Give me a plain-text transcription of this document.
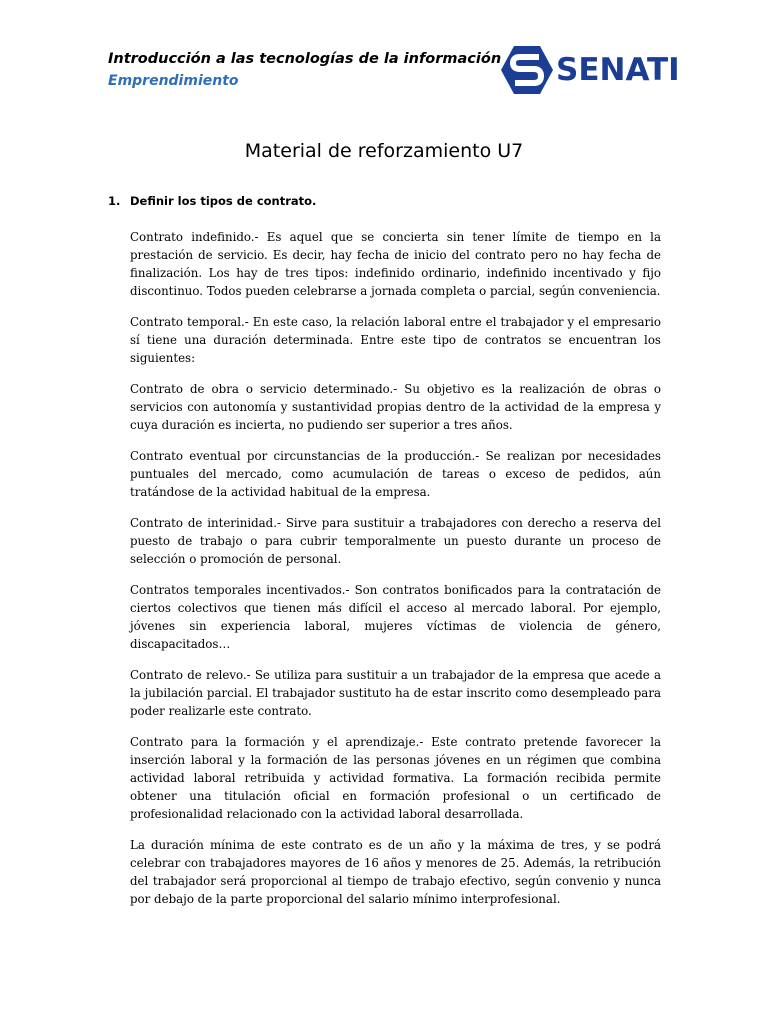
Introducción a las tecnologías de la información
Emprendimiento	SENATI
Material de reforzamiento U7
1. Definir los tipos de contrato.

Contrato indefinido.- Es aquel que se concierta sin tener límite de tiempo en la prestación de servicio. Es decir, hay fecha de inicio del contrato pero no hay fecha de finalización. Los hay de tres tipos: indefinido ordinario, indefinido incentivado y fijo discontinuo. Todos pueden celebrarse a jornada completa o parcial, según conveniencia.

Contrato temporal.- En este caso, la relación laboral entre el trabajador y el empresario sí tiene una duración determinada. Entre este tipo de contratos se encuentran los siguientes:

Contrato de obra o servicio determinado.- Su objetivo es la realización de obras o servicios con autonomía y sustantividad propias dentro de la actividad de la empresa y cuya duración es incierta, no pudiendo ser superior a tres años.

Contrato eventual por circunstancias de la producción.- Se realizan por necesidades puntuales del mercado, como acumulación de tareas o exceso de pedidos, aún tratándose de la actividad habitual de la empresa.

Contrato de interinidad.- Sirve para sustituir a trabajadores con derecho a reserva del puesto de trabajo o para cubrir temporalmente un puesto durante un proceso de selección o promoción de personal.

Contratos temporales incentivados.- Son contratos bonificados para la contratación de ciertos colectivos que tienen más difícil el acceso al mercado laboral. Por ejemplo, jóvenes sin experiencia laboral, mujeres víctimas de violencia de género, discapacitados…

Contrato de relevo.- Se utiliza para sustituir a un trabajador de la empresa que acede a la jubilación parcial. El trabajador sustituto ha de estar inscrito como desempleado para poder realizarle este contrato.

Contrato para la formación y el aprendizaje.- Este contrato pretende favorecer la inserción laboral y la formación de las personas jóvenes en un régimen que combina actividad laboral retribuida y actividad formativa. La formación recibida permite obtener una titulación oficial en formación profesional o un certificado de profesionalidad relacionado con la actividad laboral desarrollada.

La duración mínima de este contrato es de un año y la máxima de tres, y se podrá celebrar con trabajadores mayores de 16 años y menores de 25. Además, la retribución del trabajador será proporcional al tiempo de trabajo efectivo, según convenio y nunca por debajo de la parte proporcional del salario mínimo interprofesional.
